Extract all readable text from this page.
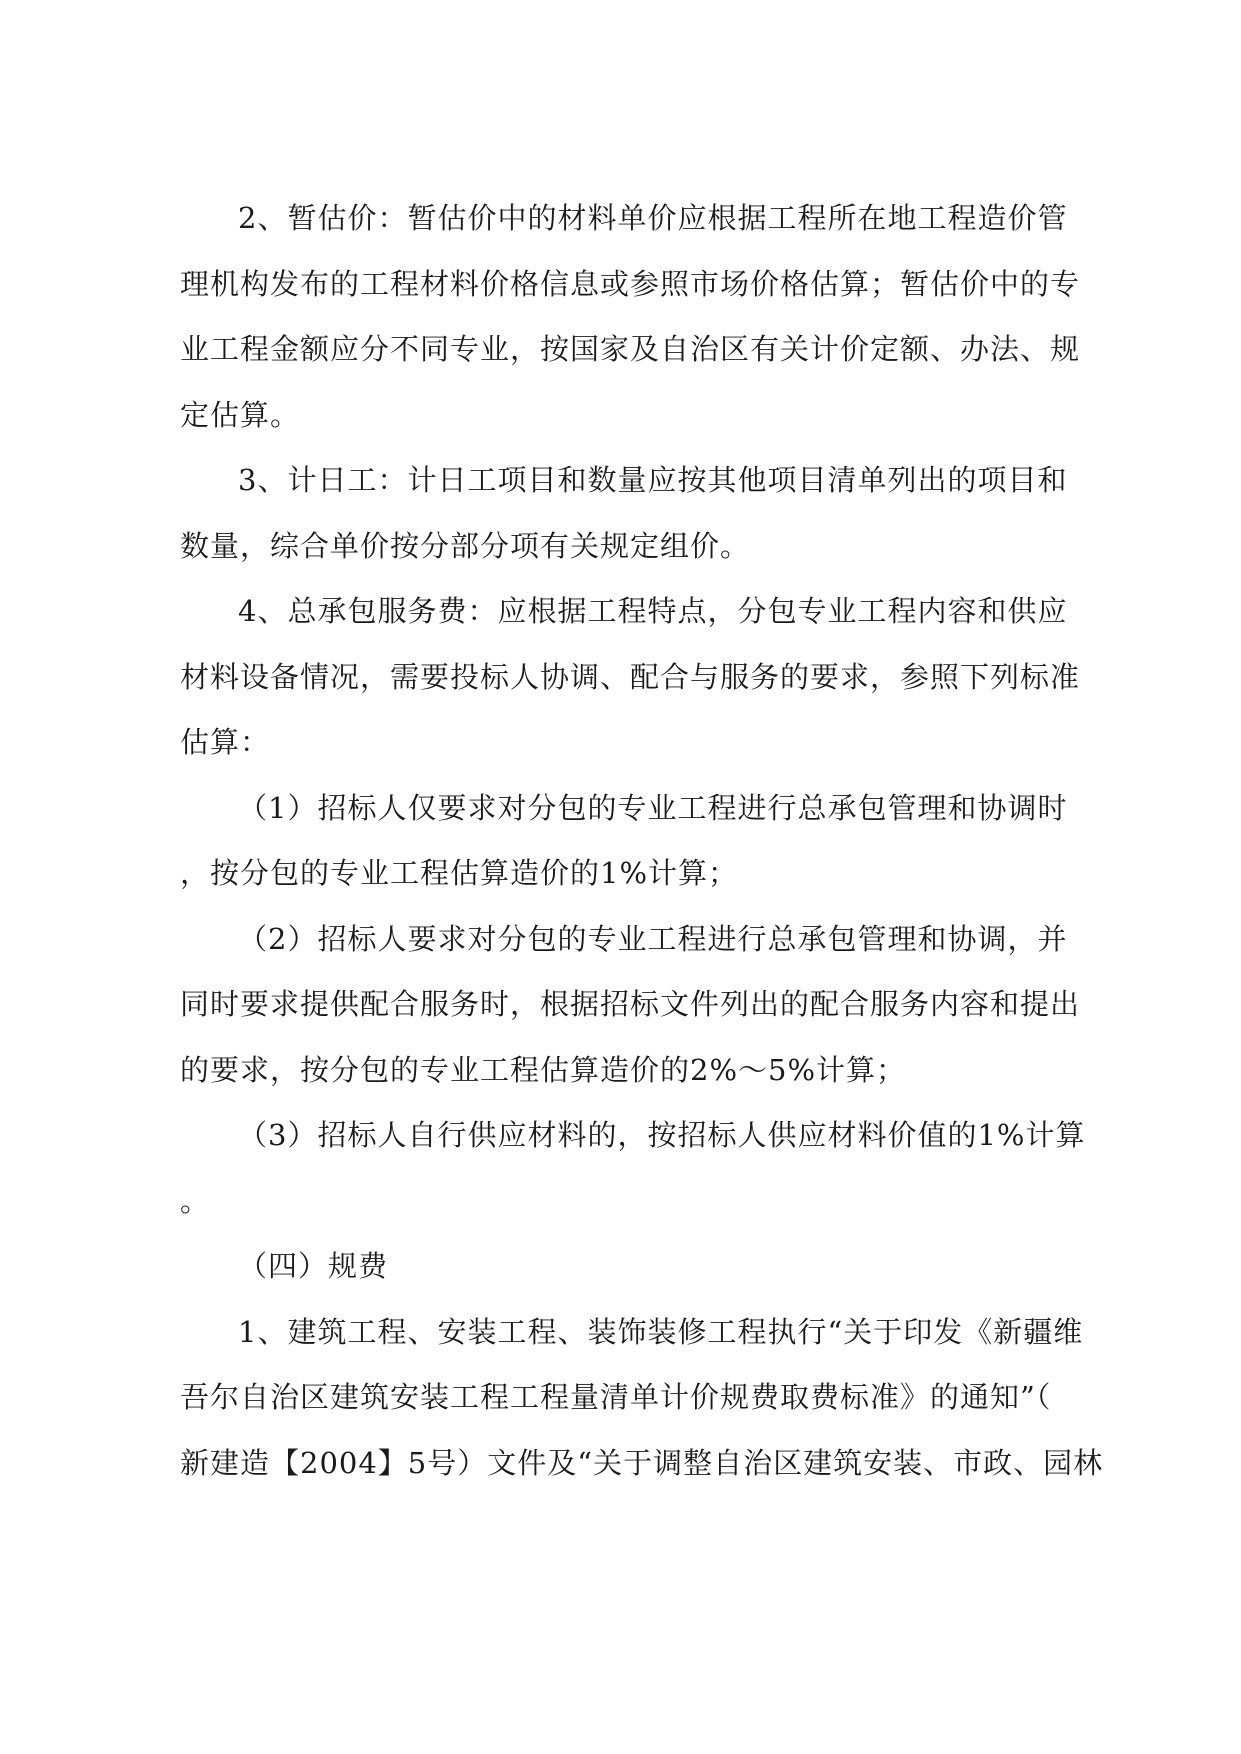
2、暂估价：暂估价中的材料单价应根据工程所在地工程造价管

理机构发布的工程材料价格信息或参照市场价格估算；暂估价中的专

业工程金额应分不同专业，按国家及自治区有关计价定额、办法、规

定估算。

3、计日工：计日工项目和数量应按其他项目清单列出的项目和

数量，综合单价按分部分项有关规定组价。

4、总承包服务费：应根据工程特点，分包专业工程内容和供应

材料设备情况，需要投标人协调、配合与服务的要求，参照下列标准

估算：

（1）招标人仅要求对分包的专业工程进行总承包管理和协调时

，按分包的专业工程估算造价的1%计算；

（2）招标人要求对分包的专业工程进行总承包管理和协调，并

同时要求提供配合服务时，根据招标文件列出的配合服务内容和提出

的要求，按分包的专业工程估算造价的2%～5%计算；

（3）招标人自行供应材料的，按招标人供应材料价值的1%计算

。

（四）规费

1、建筑工程、安装工程、装饰装修工程执行“关于印发《新疆维

吾尔自治区建筑安装工程工程量清单计价规费取费标准》的通知”（

新建造【2004】5号）文件及“关于调整自治区建筑安装、市政、园林
